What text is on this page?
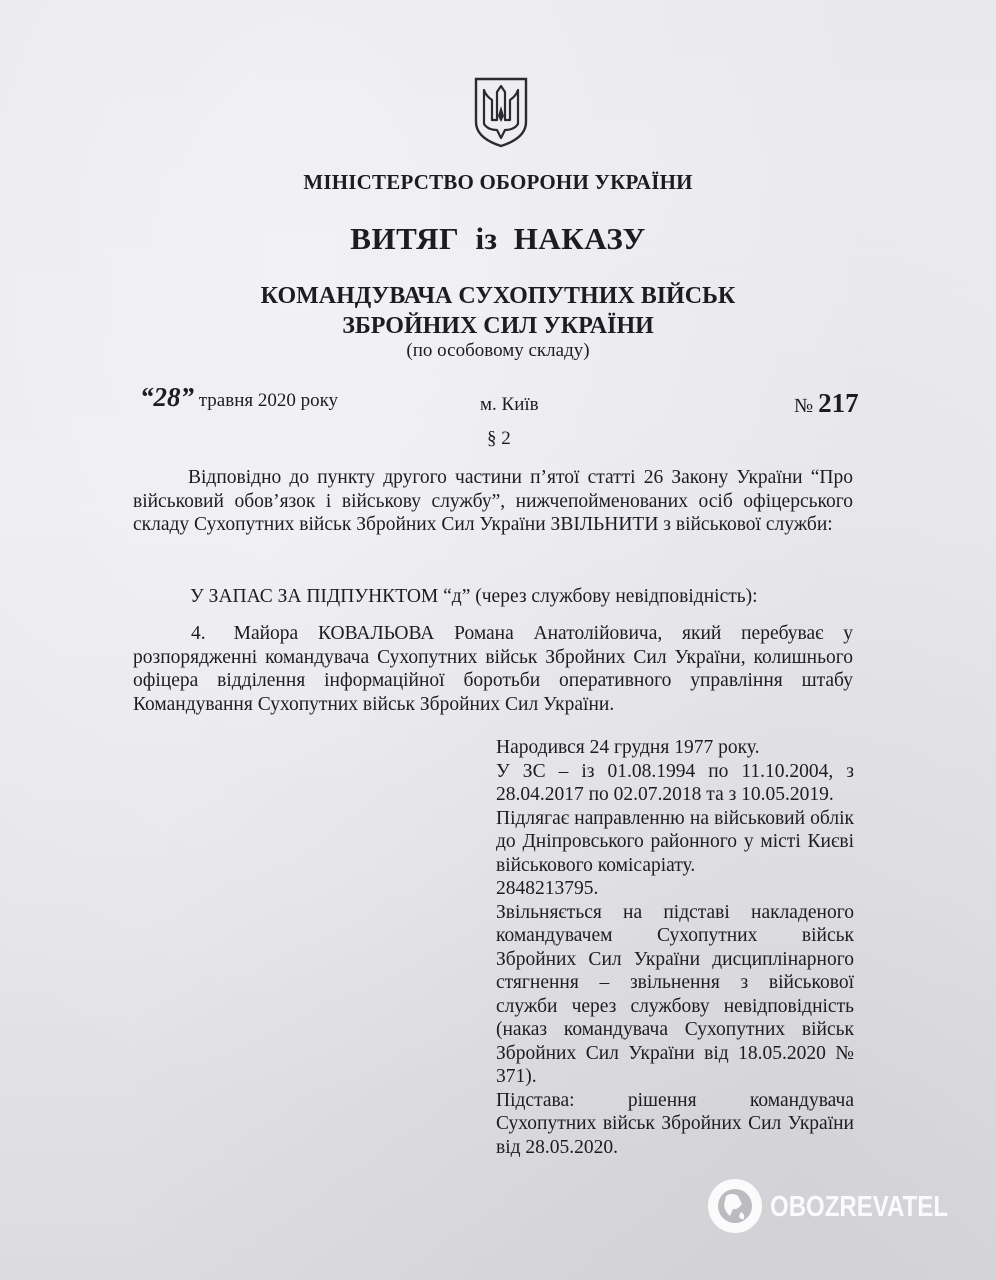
МІНІСТЕРСТВО ОБОРОНИ УКРАЇНИ
ВИТЯГ із НАКАЗУ
КОМАНДУВАЧА СУХОПУТНИХ ВІЙСЬК
ЗБРОЙНИХ СИЛ УКРАЇНИ
(по особовому складу)
“28” травня 2020 року	м. Київ	№ 217
§ 2
Відповідно до пункту другого частини п’ятої статті 26 Закону України “Про військовий обов’язок і військову службу”, нижчепойменованих осіб офіцерського складу Сухопутних військ Збройних Сил України ЗВІЛЬНИТИ з військової служби:
У ЗАПАС ЗА ПІДПУНКТОМ “д” (через службову невідповідність):
4. Майора КОВАЛЬОВА Романа Анатолійовича, який перебуває у розпорядженні командувача Сухопутних військ Збройних Сил України, колишнього офіцера відділення інформаційної боротьби оперативного управління штабу Командування Сухопутних військ Збройних Сил України.

Народився 24 грудня 1977 року.

У ЗС – із 01.08.1994 по 11.10.2004, з 28.04.2017 по 02.07.2018 та з 10.05.2019.

Підлягає направленню на військовий облік до Дніпровського районного у місті Києві військового комісаріату.

2848213795.

Звільняється на підставі накладеного командувачем Сухопутних військ Збройних Сил України дисциплінарного стягнення – звільнення з військової служби через службову невідповідність (наказ командувача Сухопутних військ Збройних Сил України від 18.05.2020 № 371).

Підстава: рішення командувача Сухопутних військ Збройних Сил України від 28.05.2020.

OBOZREVATEL
